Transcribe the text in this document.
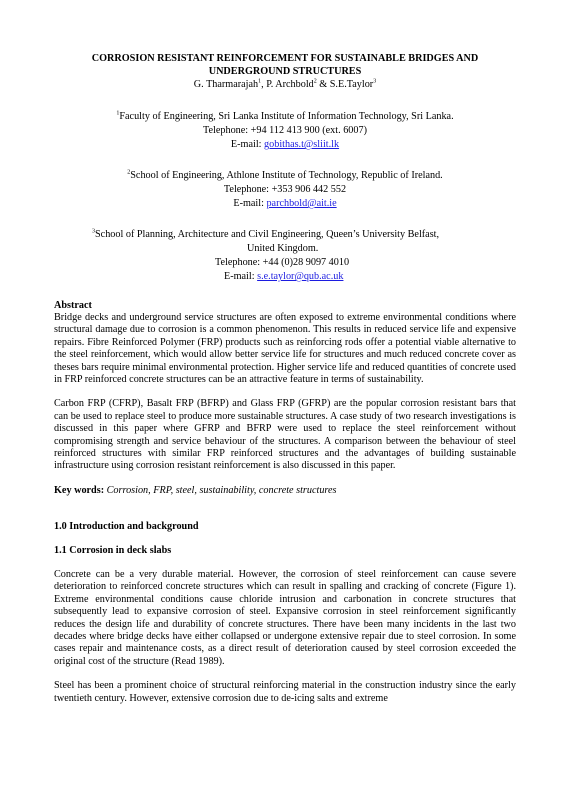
CORROSION RESISTANT REINFORCEMENT FOR SUSTAINABLE BRIDGES AND
UNDERGROUND STRUCTURES
G. Tharmarajah$^1$, P. Archbold$^2$ & S.E.Taylor$^3$
$^1$Faculty of Engineering, Sri Lanka Institute of Information Technology, Sri Lanka.
Telephone: +94 112 413 900 (ext. 6007)
E-mail: gobithas.t@sliit.lk
$^2$School of Engineering, Athlone Institute of Technology, Republic of Ireland.
Telephone: +353 906 442 552
E-mail: parchbold@ait.ie
$^3$School of Planning, Architecture and Civil Engineering, Queen’s University Belfast,
United Kingdom.
Telephone: +44 (0)28 9097 4010
E-mail: s.e.taylor@qub.ac.uk
Abstract
Bridge decks and underground service structures are often exposed to extreme environmental conditions where structural damage due to corrosion is a common phenomenon. This results in reduced service life and expensive repairs. Fibre Reinforced Polymer (FRP) products such as reinforcing rods offer a potential viable alternative to the steel reinforcement, which would allow better service life for structures and much reduced concrete cover as theses bars require minimal environmental protection. Higher service life and reduced quantities of concrete used in FRP reinforced concrete structures can be an attractive feature in terms of sustainability.
Carbon FRP (CFRP), Basalt FRP (BFRP) and Glass FRP (GFRP) are the popular corrosion resistant bars that can be used to replace steel to produce more sustainable structures. A case study of two research investigations is discussed in this paper where GFRP and BFRP were used to replace the steel reinforcement without compromising strength and service behaviour of the structures. A comparison between the behaviour of steel reinforced structures with similar FRP reinforced structures and the advantages of building sustainable infrastructure using corrosion resistant reinforcement is also discussed in this paper.
Key words: Corrosion, FRP, steel, sustainability, concrete structures
1.0 Introduction and background
1.1 Corrosion in deck slabs
Concrete can be a very durable material. However, the corrosion of steel reinforcement can cause severe deterioration to reinforced concrete structures which can result in spalling and cracking of concrete (Figure 1). Extreme environmental conditions cause chloride intrusion and carbonation in concrete structures that subsequently lead to expansive corrosion of steel. Expansive corrosion in steel reinforcement significantly reduces the design life and durability of concrete structures. There have been many incidents in the last two decades where bridge decks have either collapsed or undergone extensive repair due to steel corrosion. In some cases repair and maintenance costs, as a direct result of deterioration caused by steel corrosion exceeded the original cost of the structure (Read 1989).
Steel has been a prominent choice of structural reinforcing material in the construction industry since the early twentieth century. However, extensive corrosion due to de-icing salts and extreme
